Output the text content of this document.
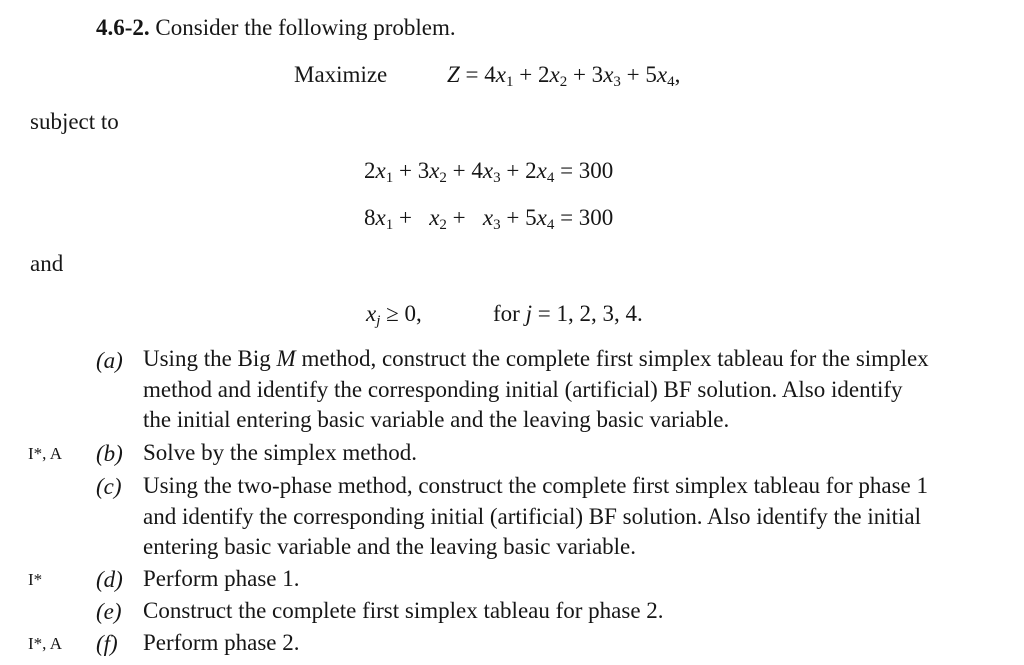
4.6-2. Consider the following problem.
Maximize	$Z = 4x_1 + 2x_2 + 3x_3 + 5x_4$,
subject to
$2x_1 + 3x_2 + 4x_3 + 2x_4 = 300$
$8x_1 + x_2 + x_3 + 5x_4 = 300$
and
$x_j \ge 0$,	for j = 1, 2, 3, 4.
(a) Using the Big M method, construct the complete first simplex tableau for the simplex
method and identify the corresponding initial (artificial) BF solution. Also identify
the initial entering basic variable and the leaving basic variable.
I*, A (b) Solve by the simplex method.
(c) Using the two-phase method, construct the complete first simplex tableau for phase 1
and identify the corresponding initial (artificial) BF solution. Also identify the initial
entering basic variable and the leaving basic variable.
I* (d) Perform phase 1.
(e) Construct the complete first simplex tableau for phase 2.
I*, A (f) Perform phase 2.
